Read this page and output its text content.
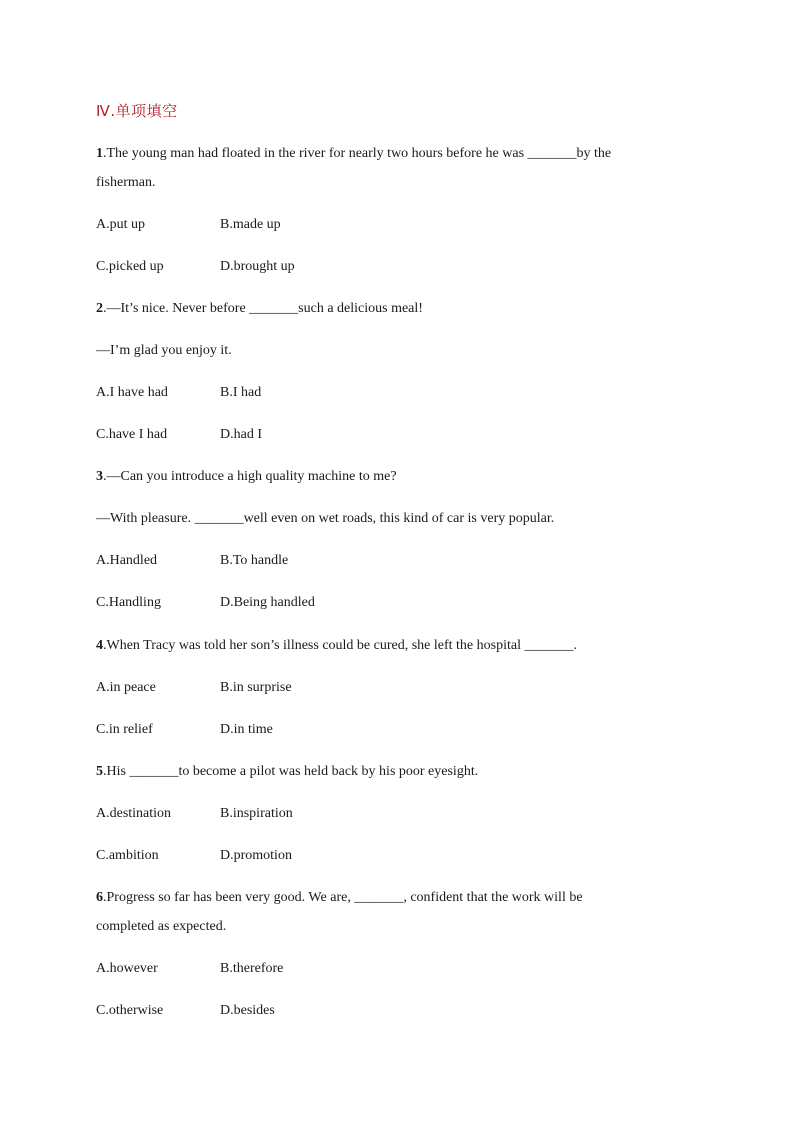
Ⅳ.单项填空
1.The young man had floated in the river for nearly two hours before he was _______by the
fisherman.
A.put up	B.made up
C.picked up	D.brought up
2.—It’s nice. Never before _______such a delicious meal!
—I’m glad you enjoy it.
A.I have had	B.I had
C.have I had	D.had I
3.—Can you introduce a high quality machine to me?
—With pleasure. _______well even on wet roads, this kind of car is very popular.
A.Handled	B.To handle
C.Handling	D.Being handled
4.When Tracy was told her son’s illness could be cured, she left the hospital _______.
A.in peace	B.in surprise
C.in relief	D.in time
5.His _______to become a pilot was held back by his poor eyesight.
A.destination	B.inspiration
C.ambition	D.promotion
6.Progress so far has been very good. We are, _______, confident that the work will be
completed as expected.
A.however	B.therefore
C.otherwise	D.besides
